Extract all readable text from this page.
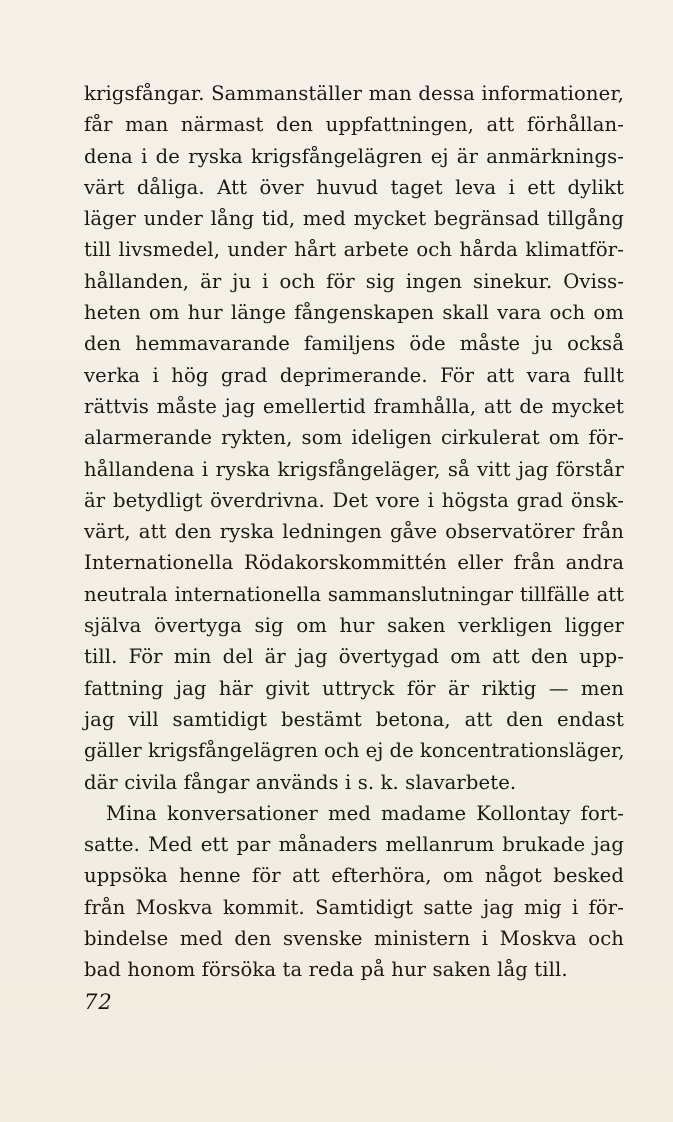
krigsfångar. Sammanställer man dessa informationer,
får man närmast den uppfattningen, att förhållan-
dena i de ryska krigsfångelägren ej är anmärknings-
värt dåliga. Att över huvud taget leva i ett dylikt
läger under lång tid, med mycket begränsad tillgång
till livsmedel, under hårt arbete och hårda klimatför-
hållanden, är ju i och för sig ingen sinekur. Oviss-
heten om hur länge fångenskapen skall vara och om
den hemmavarande familjens öde måste ju också
verka i hög grad deprimerande. För att vara fullt
rättvis måste jag emellertid framhålla, att de mycket
alarmerande rykten, som ideligen cirkulerat om för-
hållandena i ryska krigsfångeläger, så vitt jag förstår
är betydligt överdrivna. Det vore i högsta grad önsk-
värt, att den ryska ledningen gåve observatörer från
Internationella Rödakorskommittén eller från andra
neutrala internationella sammanslutningar tillfälle att
själva övertyga sig om hur saken verkligen ligger
till. För min del är jag övertygad om att den upp-
fattning jag här givit uttryck för är riktig — men
jag vill samtidigt bestämt betona, att den endast
gäller krigsfångelägren och ej de koncentrationsläger,
där civila fångar används i s. k. slavarbete.
Mina konversationer med madame Kollontay fort-
satte. Med ett par månaders mellanrum brukade jag
uppsöka henne för att efterhöra, om något besked
från Moskva kommit. Samtidigt satte jag mig i för-
bindelse med den svenske ministern i Moskva och
bad honom försöka ta reda på hur saken låg till.
72
